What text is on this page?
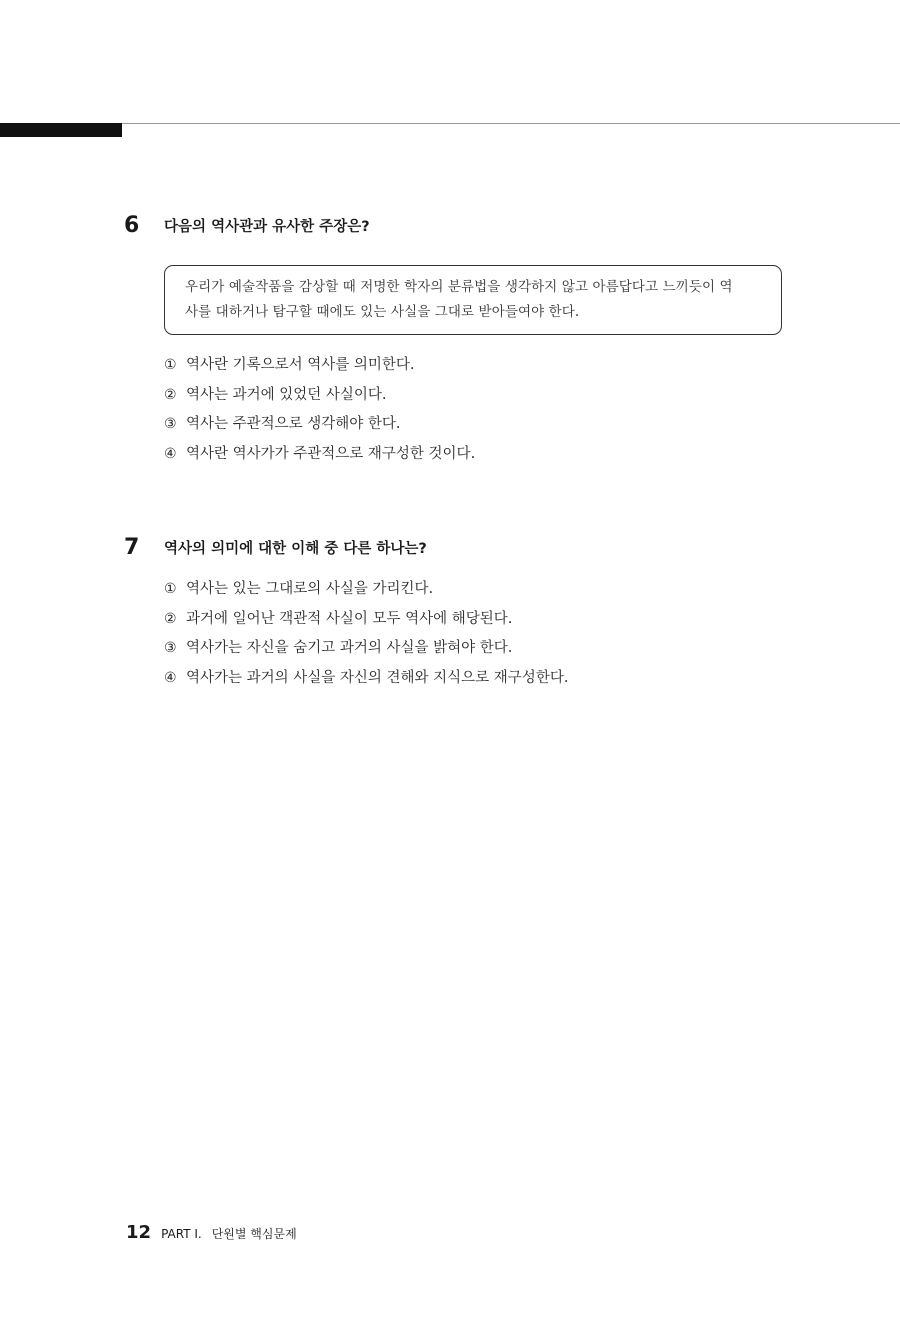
6 다음의 역사관과 유사한 주장은?
우리가 예술작품을 감상할 때 저명한 학자의 분류법을 생각하지 않고 아름답다고 느끼듯이 역
사를 대하거나 탐구할 때에도 있는 사실을 그대로 받아들여야 한다.
① 역사란 기록으로서 역사를 의미한다.
② 역사는 과거에 있었던 사실이다.
③ 역사는 주관적으로 생각해야 한다.
④ 역사란 역사가가 주관적으로 재구성한 것이다.
7 역사의 의미에 대한 이해 중 다른 하나는?
① 역사는 있는 그대로의 사실을 가리킨다.
② 과거에 일어난 객관적 사실이 모두 역사에 해당된다.
③ 역사가는 자신을 숨기고 과거의 사실을 밝혀야 한다.
④ 역사가는 과거의 사실을 자신의 견해와 지식으로 재구성한다.
12 PART Ⅰ. 단원별 핵심문제
